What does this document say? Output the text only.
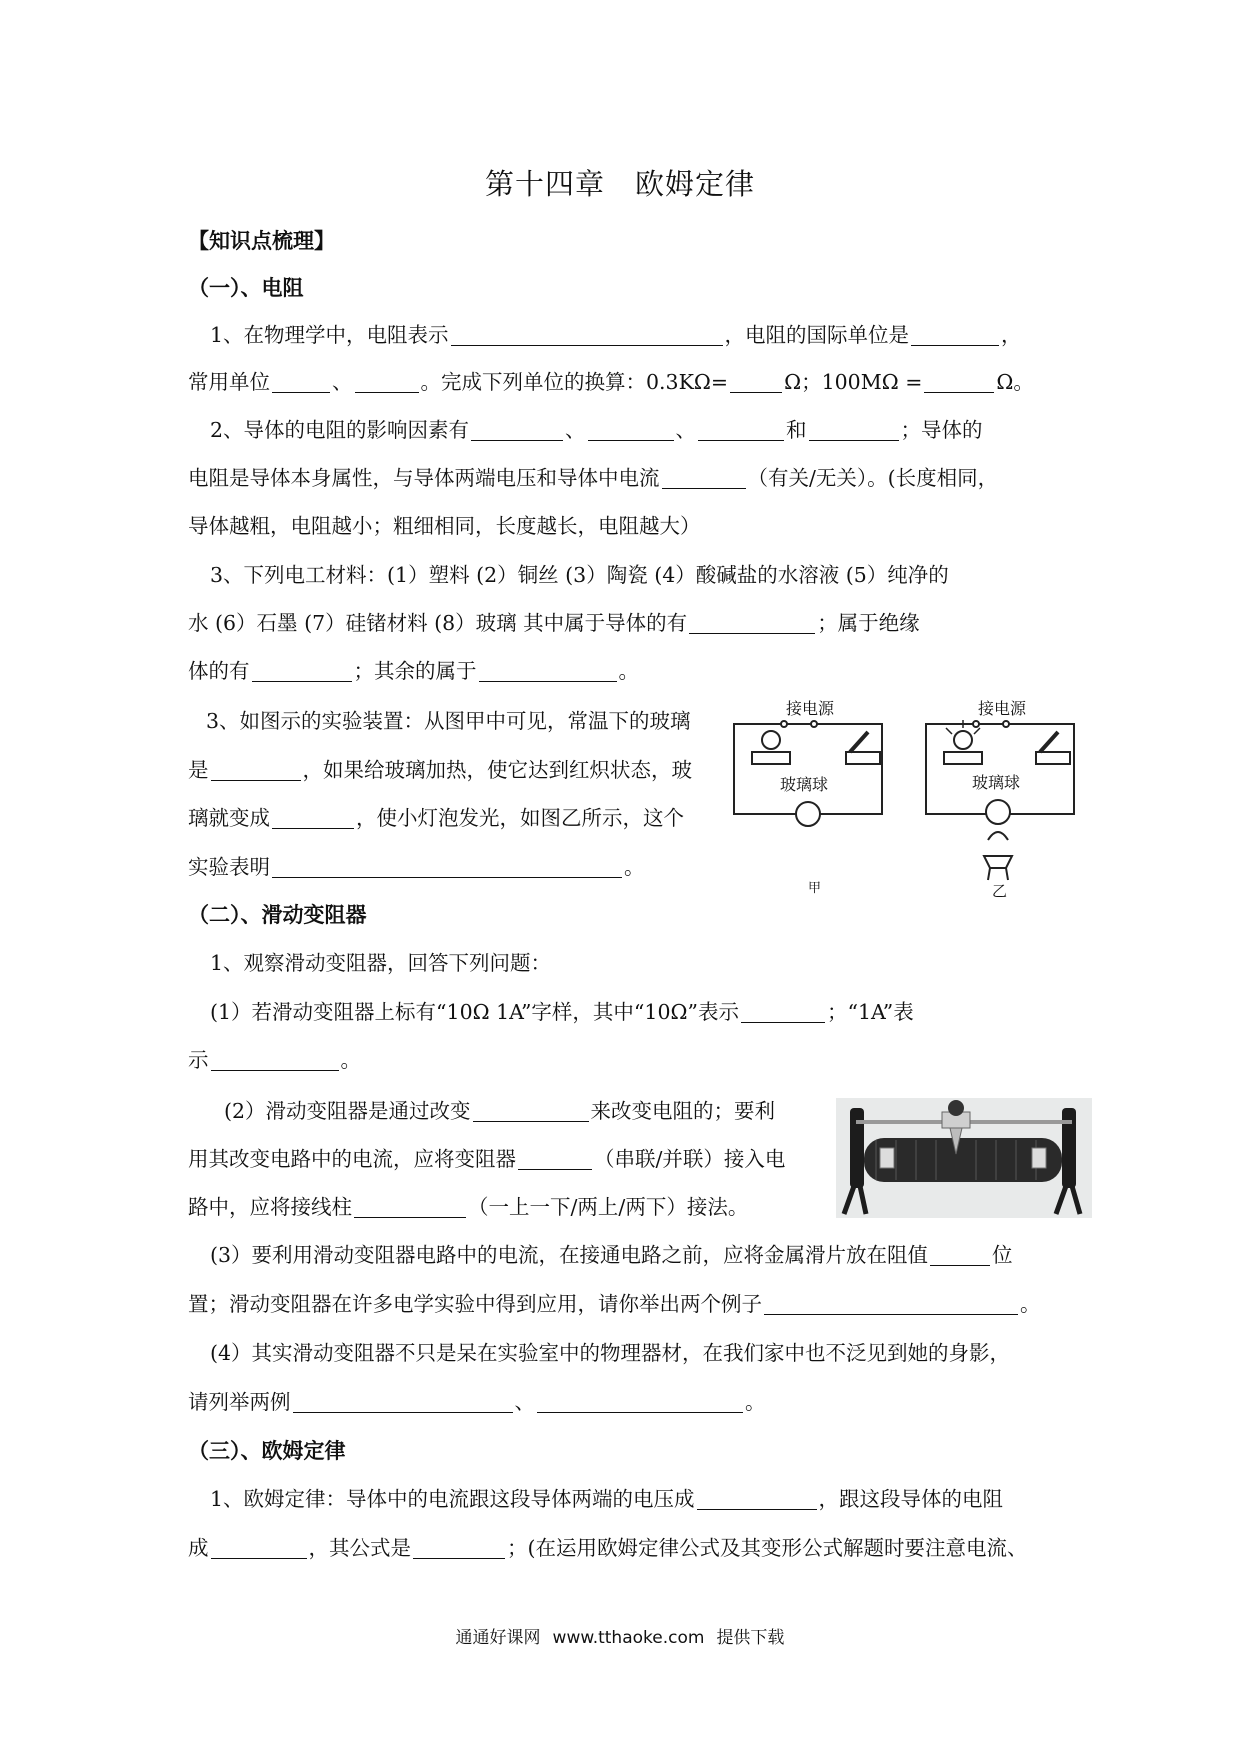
第十四章 欧姆定律
【知识点梳理】
（一）、电阻
1、在物理学中，电阻表示	，电阻的国际单位是	，
常用单位	、	。完成下列单位的换算：0.3KΩ=	Ω；100MΩ =	Ω。
2、导体的电阻的影响因素有	、	、	和	；导体的
电阻是导体本身属性，与导体两端电压和导体中电流	（有关/无关）。(长度相同，
导体越粗，电阻越小；粗细相同，长度越长，电阻越大）
3、下列电工材料：(1）塑料 (2）铜丝 (3）陶瓷 (4）酸碱盐的水溶液 (5）纯净的
水 (6）石墨 (7）硅锗材料 (8）玻璃 其中属于导体的有	；属于绝缘
体的有	；其余的属于	。
3、如图示的实验装置：从图甲中可见，常温下的玻璃
是	，如果给玻璃加热，使它达到红炽状态，玻
璃就变成	，使小灯泡发光，如图乙所示，这个
实验表明	。
接电源	接电源
玻璃球	玻璃球
甲	乙
（二）、滑动变阻器
1、观察滑动变阻器，回答下列问题：
(1）若滑动变阻器上标有“10Ω 1A”字样，其中“10Ω”表示	；“1A”表
示	。
(2）滑动变阻器是通过改变	来改变电阻的；要利
用其改变电路中的电流，应将变阻器	（串联/并联）接入电
路中，应将接线柱	（一上一下/两上/两下）接法。
(3）要利用滑动变阻器电路中的电流，在接通电路之前，应将金属滑片放在阻值	位
置；滑动变阻器在许多电学实验中得到应用，请你举出两个例子	。
(4）其实滑动变阻器不只是呆在实验室中的物理器材，在我们家中也不泛见到她的身影，
请列举两例	、	。
（三）、欧姆定律
1、欧姆定律：导体中的电流跟这段导体两端的电压成	，跟这段导体的电阻
成	，其公式是	；(在运用欧姆定律公式及其变形公式解题时要注意电流、
通通好课网 www.tthaoke.com 提供下载
